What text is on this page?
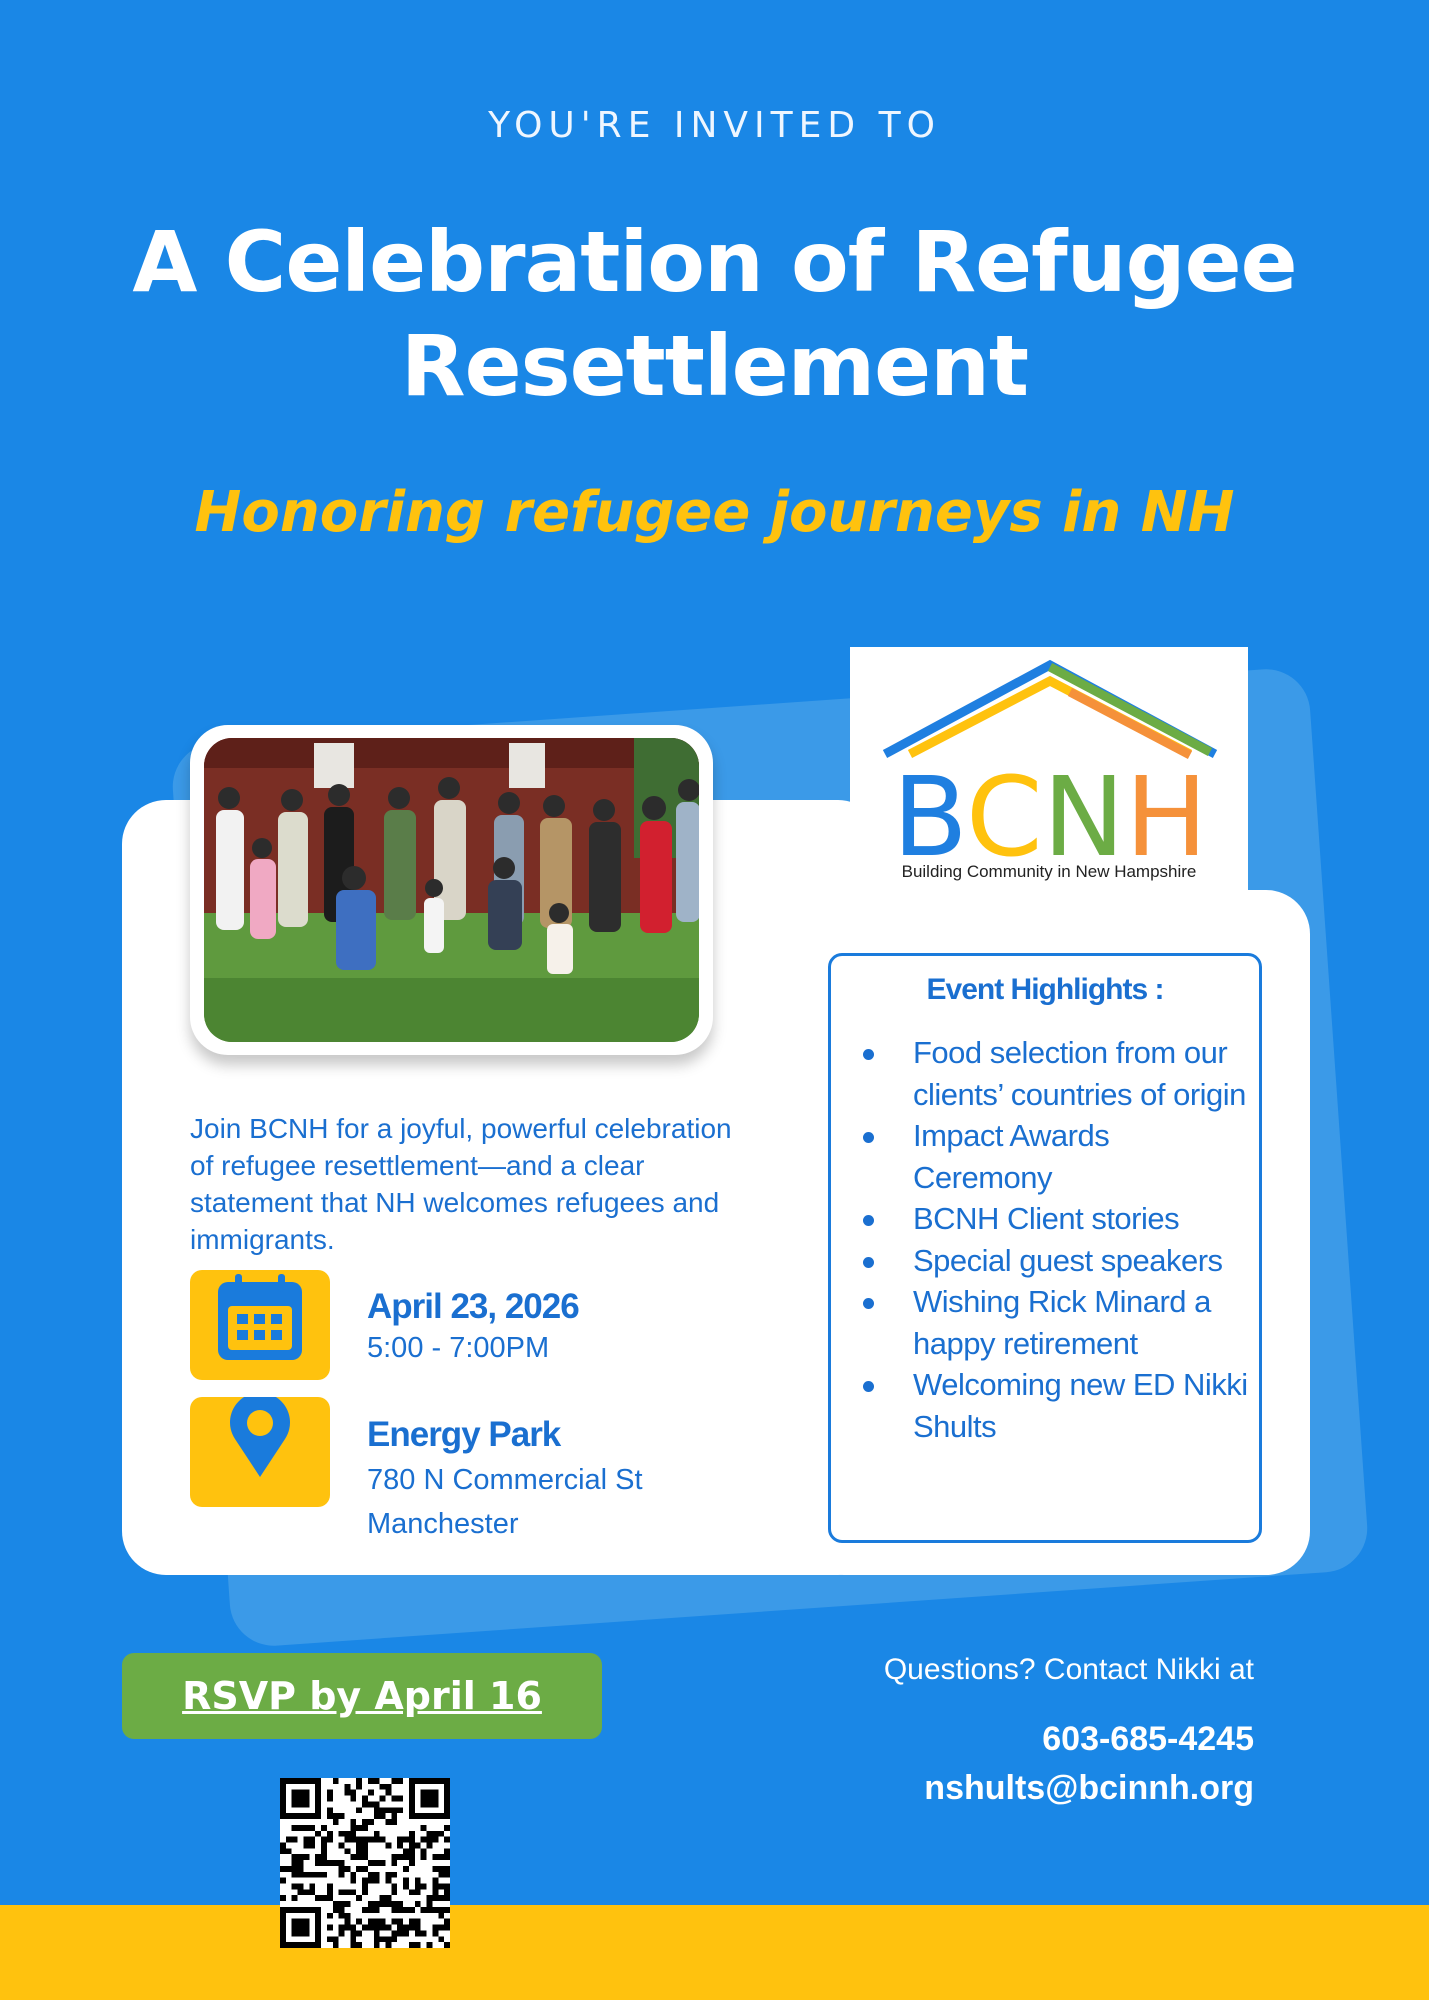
YOU'RE INVITED TO
A Celebration of Refugee
Resettlement
Honoring refugee journeys in NH
BCNH
Building Community in New Hampshire
Join BCNH for a joyful, powerful celebration of refugee resettlement—and a clear statement that NH welcomes refugees and immigrants.
April 23, 2026
5:00 - 7:00PM
Energy Park
780 N Commercial St
Manchester
Event Highlights :
Food selection from our clients’ countries of origin
Impact Awards Ceremony
BCNH Client stories
Special guest speakers
Wishing Rick Minard a happy retirement
Welcoming new ED Nikki Shults
RSVP by April 16
Questions? Contact Nikki at
603-685-4245
nshults@bcinnh.org
